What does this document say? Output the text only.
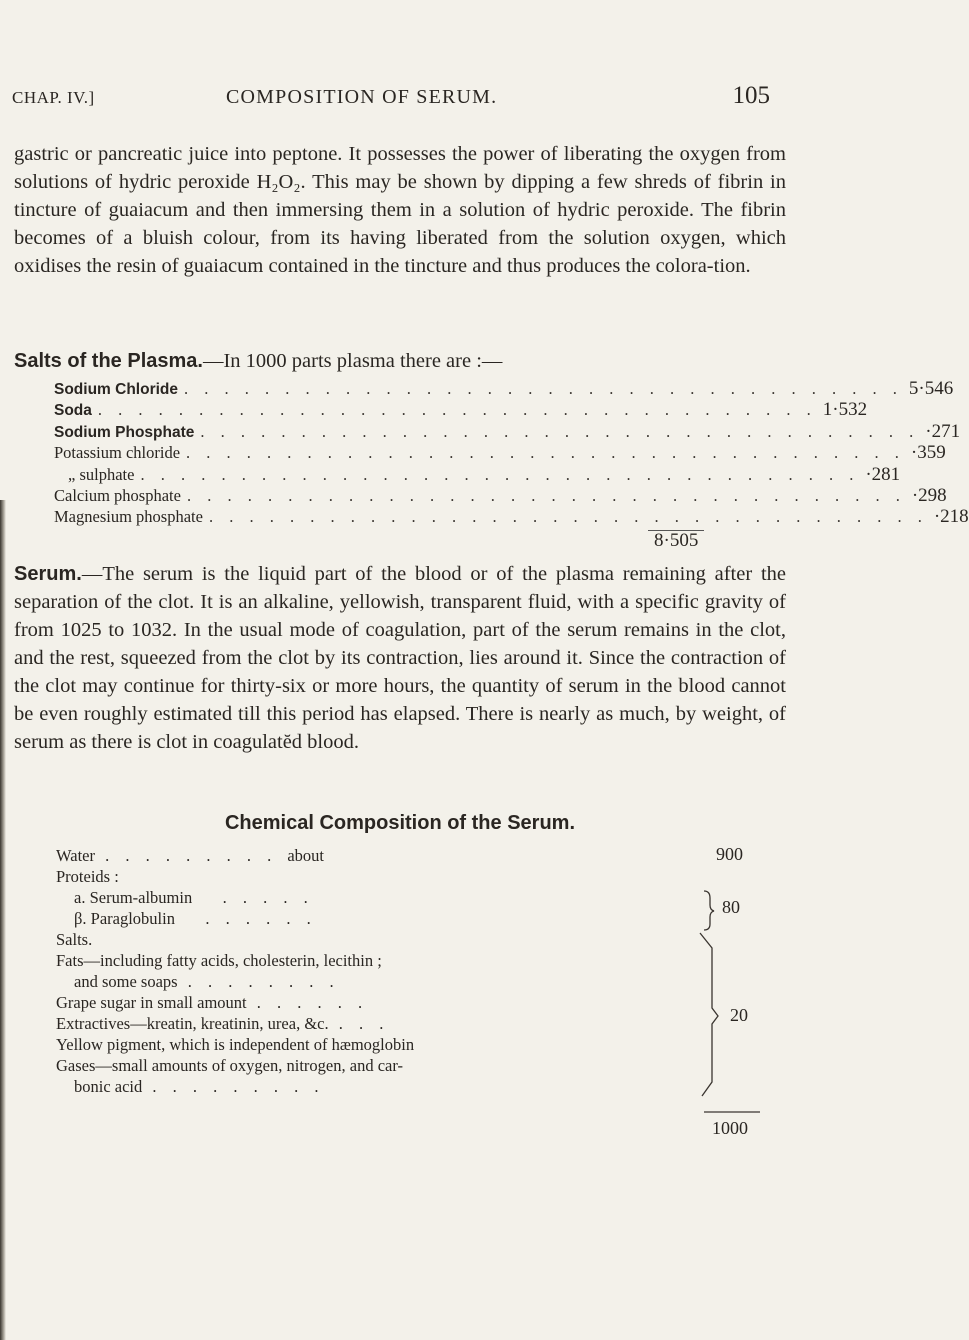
CHAP. IV.]	COMPOSITION OF SERUM.	105

gastric or pancreatic juice into peptone. It possesses the power of liberating the oxygen from solutions of hydric peroxide H₂O₂. This may be shown by dipping a few shreds of fibrin in tincture of guaiacum and then immersing them in a solution of hydric peroxide. The fibrin becomes of a bluish colour, from its having liberated from the solution oxygen, which oxidises the resin of guaiacum contained in the tincture and thus produces the colora-tion.

Salts of the Plasma.—In 1000 parts plasma there are :—
Sodium Chloride . . . . . . . . . . . . . . . . . . . . . . . . . . . . . . . . . . . . 5·546
Soda . . . . . . . . . . . . . . . . . . . . . . . . . . . . . . . . . . . . 1·532
Sodium Phosphate . . . . . . . . . . . . . . . . . . . . . . . . . . . . . . . . . . . . ·271
Potassium chloride . . . . . . . . . . . . . . . . . . . . . . . . . . . . . . . . . . . . ·359
„ sulphate . . . . . . . . . . . . . . . . . . . . . . . . . . . . . . . . . . . . ·281
Calcium phosphate . . . . . . . . . . . . . . . . . . . . . . . . . . . . . . . . . . . . ·298
Magnesium phosphate . . . . . . . . . . . . . . . . . . . . . . . . . . . . . . . . . . . . ·218
8·505

Serum.—The serum is the liquid part of the blood or of the plasma remaining after the separation of the clot. It is an alkaline, yellowish, transparent fluid, with a specific gravity of from 1025 to 1032. In the usual mode of coagulation, part of the serum remains in the clot, and the rest, squeezed from the clot by its contraction, lies around it. Since the contraction of the clot may continue for thirty-six or more hours, the quantity of serum in the blood cannot be even roughly estimated till this period has elapsed. There is nearly as much, by weight, of serum as there is clot in coagulatĕd blood.

Chemical Composition of the Serum.
Water . . . . . . . . . about	900
Proteids :
a. Serum-albumin   . . . . .
β. Paraglobulin   . . . . . .
80
Salts.
Fats—including fatty acids, cholesterin, lecithin ;
and some soaps . . . . . . . .
Grape sugar in small amount . . . . . .
Extractives—kreatin, kreatinin, urea, &c. . . .
Yellow pigment, which is independent of hæmoglobin
Gases—small amounts of oxygen, nitrogen, and car-
bonic acid . . . . . . . . .
20
1000
